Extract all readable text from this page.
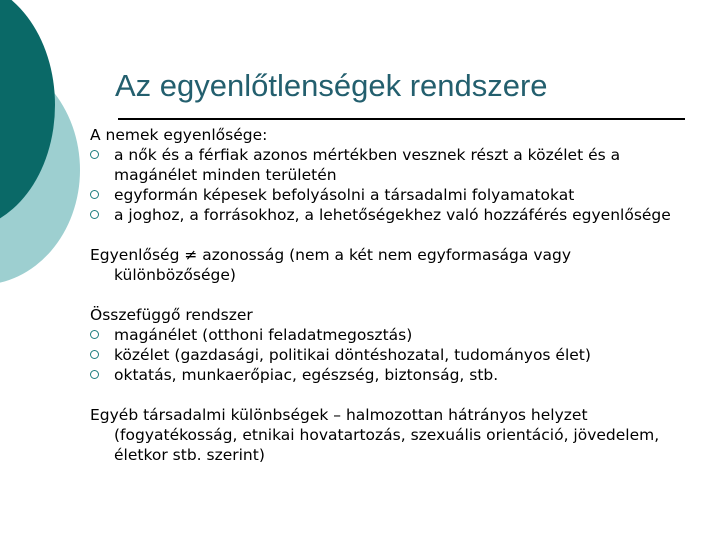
Az egyenlőtlenségek rendszere

A nemek egyenlősége:

a nők és a férfiak azonos mértékben vesznek részt a közélet és a magánélet minden területén
egyformán képesek befolyásolni a társadalmi folyamatokat
a joghoz, a forrásokhoz, a lehetőségekhez való hozzáférés egyenlősége

Egyenlőség ≠ azonosság (nem a két nem egyformasága vagy különbözősége)

Összefüggő rendszer

magánélet (otthoni feladatmegosztás)
közélet (gazdasági, politikai döntéshozatal, tudományos élet)
oktatás, munkaerőpiac, egészség, biztonság, stb.

Egyéb társadalmi különbségek – halmozottan hátrányos helyzet (fogyatékosság, etnikai hovatartozás, szexuális orientáció, jövedelem, életkor stb. szerint)
